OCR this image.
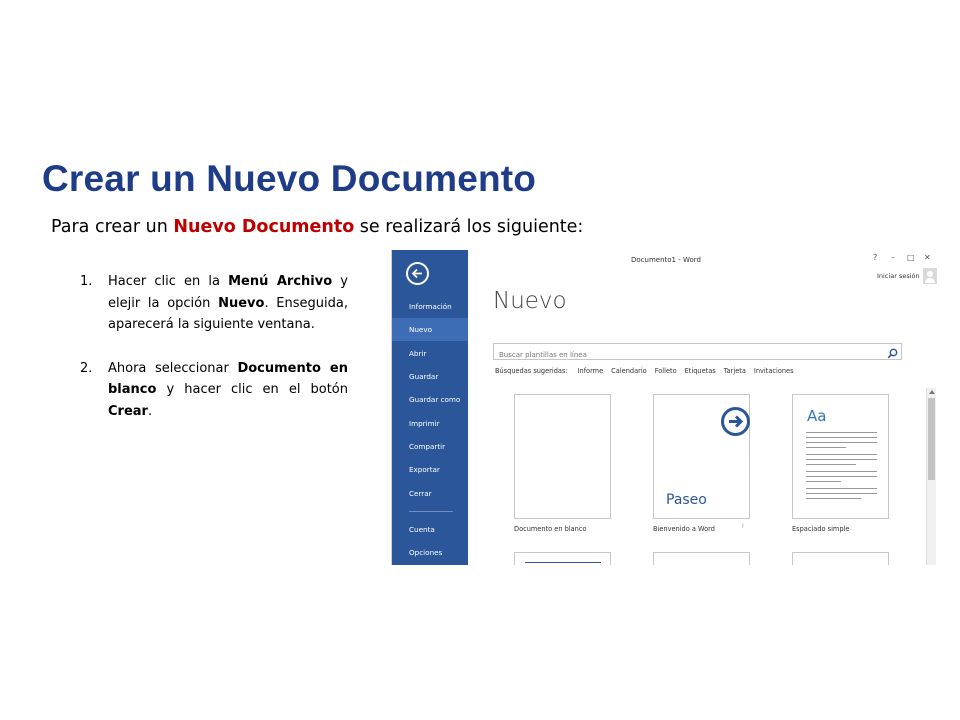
Crear un Nuevo Documento
Para crear un Nuevo Documento se realizará los siguiente:
1.	Hacer clic en la Menú Archivo y elejir la opción Nuevo. Enseguida, aparecerá la siguiente ventana.
2.	Ahora seleccionar Documento en blanco y hacer clic en el botón Crear.
Información
Nuevo
Abrir
Guardar
Guardar como
Imprimir
Compartir
Exportar
Cerrar
Cuenta
Opciones
Documento1 - Word	? – □ ✕
Iniciar sesión
Nuevo
Buscar plantillas en línea
Búsquedas sugeridas: Informe Calendario Folleto Etiquetas Tarjeta Invitaciones
Documento en blanco
Paseo
Bienvenido a Word	⍿
Aa
Espaciado simple
